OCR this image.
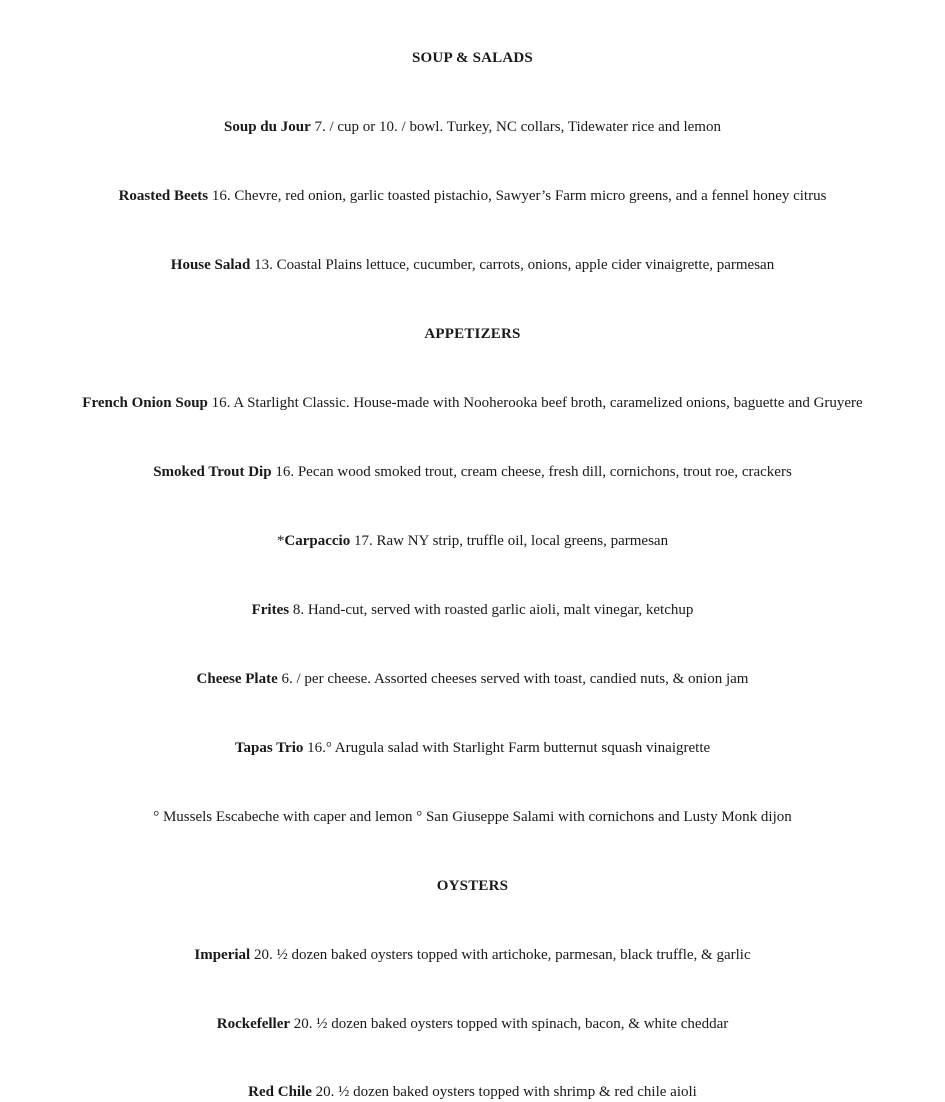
SOUP & SALADS
Soup du Jour 7. / cup or 10. / bowl. Turkey, NC collars, Tidewater rice and lemon
Roasted Beets 16. Chevre, red onion, garlic toasted pistachio, Sawyer’s Farm micro greens, and a fennel honey citrus
House Salad 13. Coastal Plains lettuce, cucumber, carrots, onions, apple cider vinaigrette, parmesan
APPETIZERS
French Onion Soup 16. A Starlight Classic. House-made with Nooherooka beef broth, caramelized onions, baguette and Gruyere
Smoked Trout Dip 16. Pecan wood smoked trout, cream cheese, fresh dill, cornichons, trout roe, crackers
*Carpaccio 17. Raw NY strip, truffle oil, local greens, parmesan
Frites 8. Hand-cut, served with roasted garlic aioli, malt vinegar, ketchup
Cheese Plate 6. / per cheese. Assorted cheeses served with toast, candied nuts, & onion jam
Tapas Trio 16.° Arugula salad with Starlight Farm butternut squash vinaigrette
° Mussels Escabeche with caper and lemon ° San Giuseppe Salami with cornichons and Lusty Monk dijon
OYSTERS
Imperial 20. ½ dozen baked oysters topped with artichoke, parmesan, black truffle, & garlic
Rockefeller 20. ½ dozen baked oysters topped with spinach, bacon, & white cheddar
Red Chile 20. ½ dozen baked oysters topped with shrimp & red chile aioli
